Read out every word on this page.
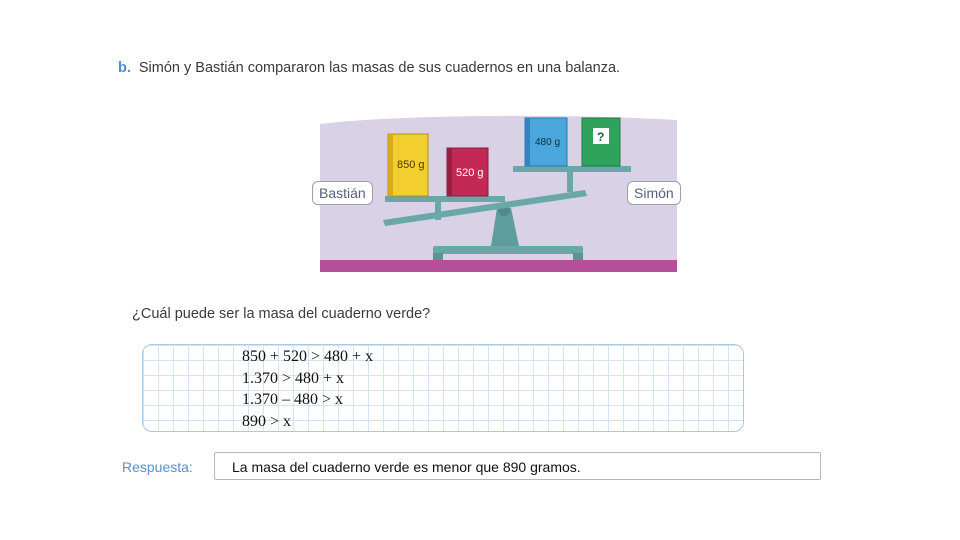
b. Simón y Bastián compararon las masas de sus cuadernos en una balanza.
850 g
520 g
480 g	?
Bastián	Simón
¿Cuál puede ser la masa del cuaderno verde?
850 + 520 > 480 + x
1.370 > 480 + x
1.370 – 480 > x
890 > x
Respuesta:	La masa del cuaderno verde es menor que 890 gramos.
